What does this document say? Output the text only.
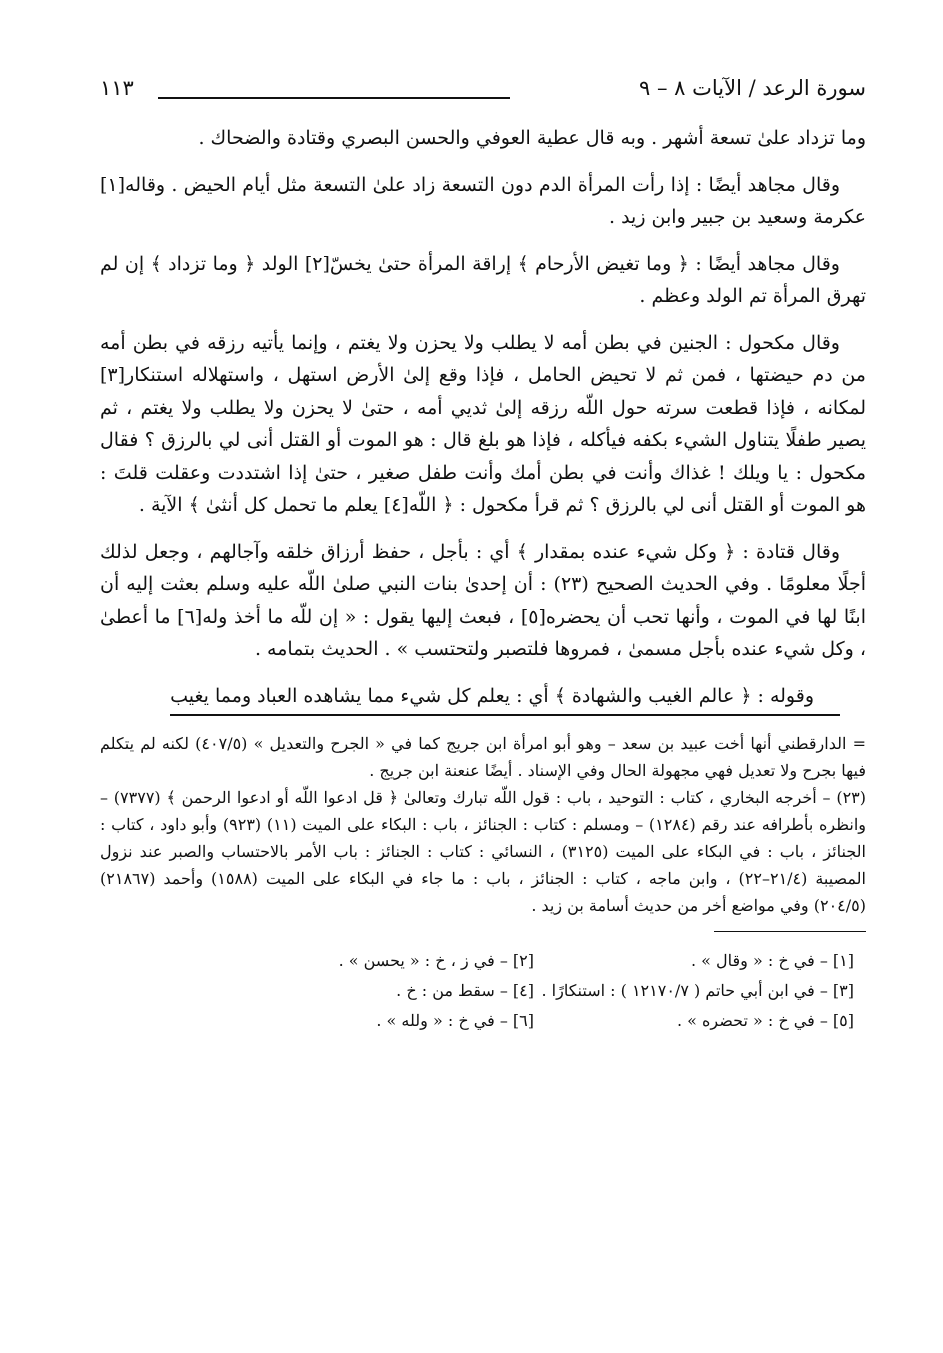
سورة الرعد / الآيات ٨ – ٩
١١٣

وما تزداد علىٰ تسعة أشهر . وبه قال عطية العوفي والحسن البصري وقتادة والضحاك .

وقال مجاهد أيضًا : إذا رأت المرأة الدم دون التسعة زاد علىٰ التسعة مثل أيام الحيض . وقاله[١] عكرمة وسعيد بن جبير وابن زيد .

وقال مجاهد أيضًا : ﴿ وما تغيض الأرحام ﴾ إراقة المرأة حتىٰ يخسّ[٢] الولد ﴿ وما تزداد ﴾ إن لم تهرق المرأة تم الولد وعظم .

وقال مكحول : الجنين في بطن أمه لا يطلب ولا يحزن ولا يغتم ، وإنما يأتيه رزقه في بطن أمه من دم حيضتها ، فمن ثم لا تحيض الحامل ، فإذا وقع إلىٰ الأرض استهل ، واستهلاله استنكار[٣] لمكانه ، فإذا قطعت سرته حول اللّه رزقه إلىٰ ثديي أمه ، حتىٰ لا يحزن ولا يطلب ولا يغتم ، ثم يصير طفلًا يتناول الشيء بكفه فيأكله ، فإذا هو بلغ قال : هو الموت أو القتل أنى لي بالرزق ؟ فقال مكحول : يا ويلك ! غذاك وأنت في بطن أمك وأنت طفل صغير ، حتىٰ إذا اشتددت وعقلت قلتَ : هو الموت أو القتل أنى لي بالرزق ؟ ثم قرأ مكحول : ﴿ اللّه[٤] يعلم ما تحمل كل أنثىٰ ﴾ الآية .

وقال قتادة : ﴿ وكل شيء عنده بمقدار ﴾ أي : بأجل ، حفظ أرزاق خلقه وآجالهم ، وجعل لذلك أجلًا معلومًا . وفي الحديث الصحيح (٢٣) : أن إحدىٰ بنات النبي صلىٰ اللّه عليه وسلم بعثت إليه أن ابنًا لها في الموت ، وأنها تحب أن يحضره[٥] ، فبعث إليها يقول : « إن للّه ما أخذ وله[٦] ما أعطىٰ ، وكل شيء عنده بأجل مسمىٰ ، فمروها فلتصبر ولتحتسب » . الحديث بتمامه .

وقوله : ﴿ عالم الغيب والشهادة ﴾ أي : يعلم كل شيء مما يشاهده العباد ومما يغيب

= الدارقطني أنها أخت عبيد بن سعد – وهو أبو امرأة ابن جريج كما في « الجرح والتعديل » (٤٠٧/٥) لكنه لم يتكلم فيها بجرح ولا تعديل فهي مجهولة الحال وفي الإسناد . أيضًا عنعنة ابن جريج .

(٢٣) – أخرجه البخاري ، كتاب : التوحيد ، باب : قول اللّه تبارك وتعالىٰ ﴿ قل ادعوا اللّه أو ادعوا الرحمن ﴾ (٧٣٧٧) – وانظره بأطرافه عند رقم (١٢٨٤) – ومسلم : كتاب : الجنائز ، باب : البكاء على الميت (١١) (٩٢٣) وأبو داود ، كتاب : الجنائز ، باب : في البكاء على الميت (٣١٢٥) ، النسائي : كتاب : الجنائز : باب الأمر بالاحتساب والصبر عند نزول المصيبة (٢١/٤–٢٢) ، وابن ماجه ، كتاب : الجنائز ، باب : ما جاء في البكاء على الميت (١٥٨٨) وأحمد (٢١٨٦٧) (٢٠٤/٥) وفي مواضع أخر من حديث أسامة بن زيد .

[١] – في خ : « وقال » .
[٢] – في ز ، خ : « يحسن » .
[٣] – في ابن أبي حاتم ( ١٢١٧٠/٧ ) : استنكارًا .
[٤] – سقط من : خ .
[٥] – في خ : « تحضره » .
[٦] – في خ : « ولله » .
